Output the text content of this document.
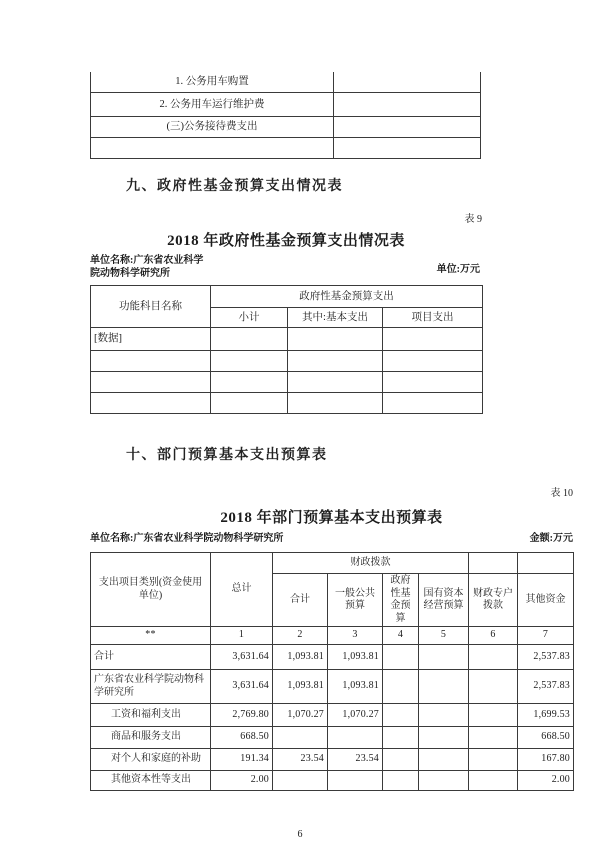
1. 公务用车购置	
2. 公务用车运行维护费	
(三)公务接待费支出	

九、政府性基金预算支出情况表
表 9
2018 年政府性基金预算支出情况表
单位名称:广东省农业科学
院动物科学研究所	单位:万元
功能科目名称	政府性基金预算支出		
	小计	其中:基本支出	项目支出
[数据]			

十、部门预算基本支出预算表
表 10
2018 年部门预算基本支出预算表
单位名称:广东省农业科学院动物科学研究所	金额:万元
支出项目类别(资金使用单位)	总计	财政拨款					
		合计	一般公共预算	政府性基金预算	国有资本经营预算	财政专户拨款	其他资金
**	1	2	3	4	5	6	7
合计	3,631.64	1,093.81	1,093.81				2,537.83
广东省农业科学院动物科学研究所	3,631.64	1,093.81	1,093.81				2,537.83
工资和福利支出	2,769.80	1,070.27	1,070.27				1,699.53
商品和服务支出	668.50						668.50
对个人和家庭的补助	191.34	23.54	23.54				167.80
其他资本性等支出	2.00						2.00
6
